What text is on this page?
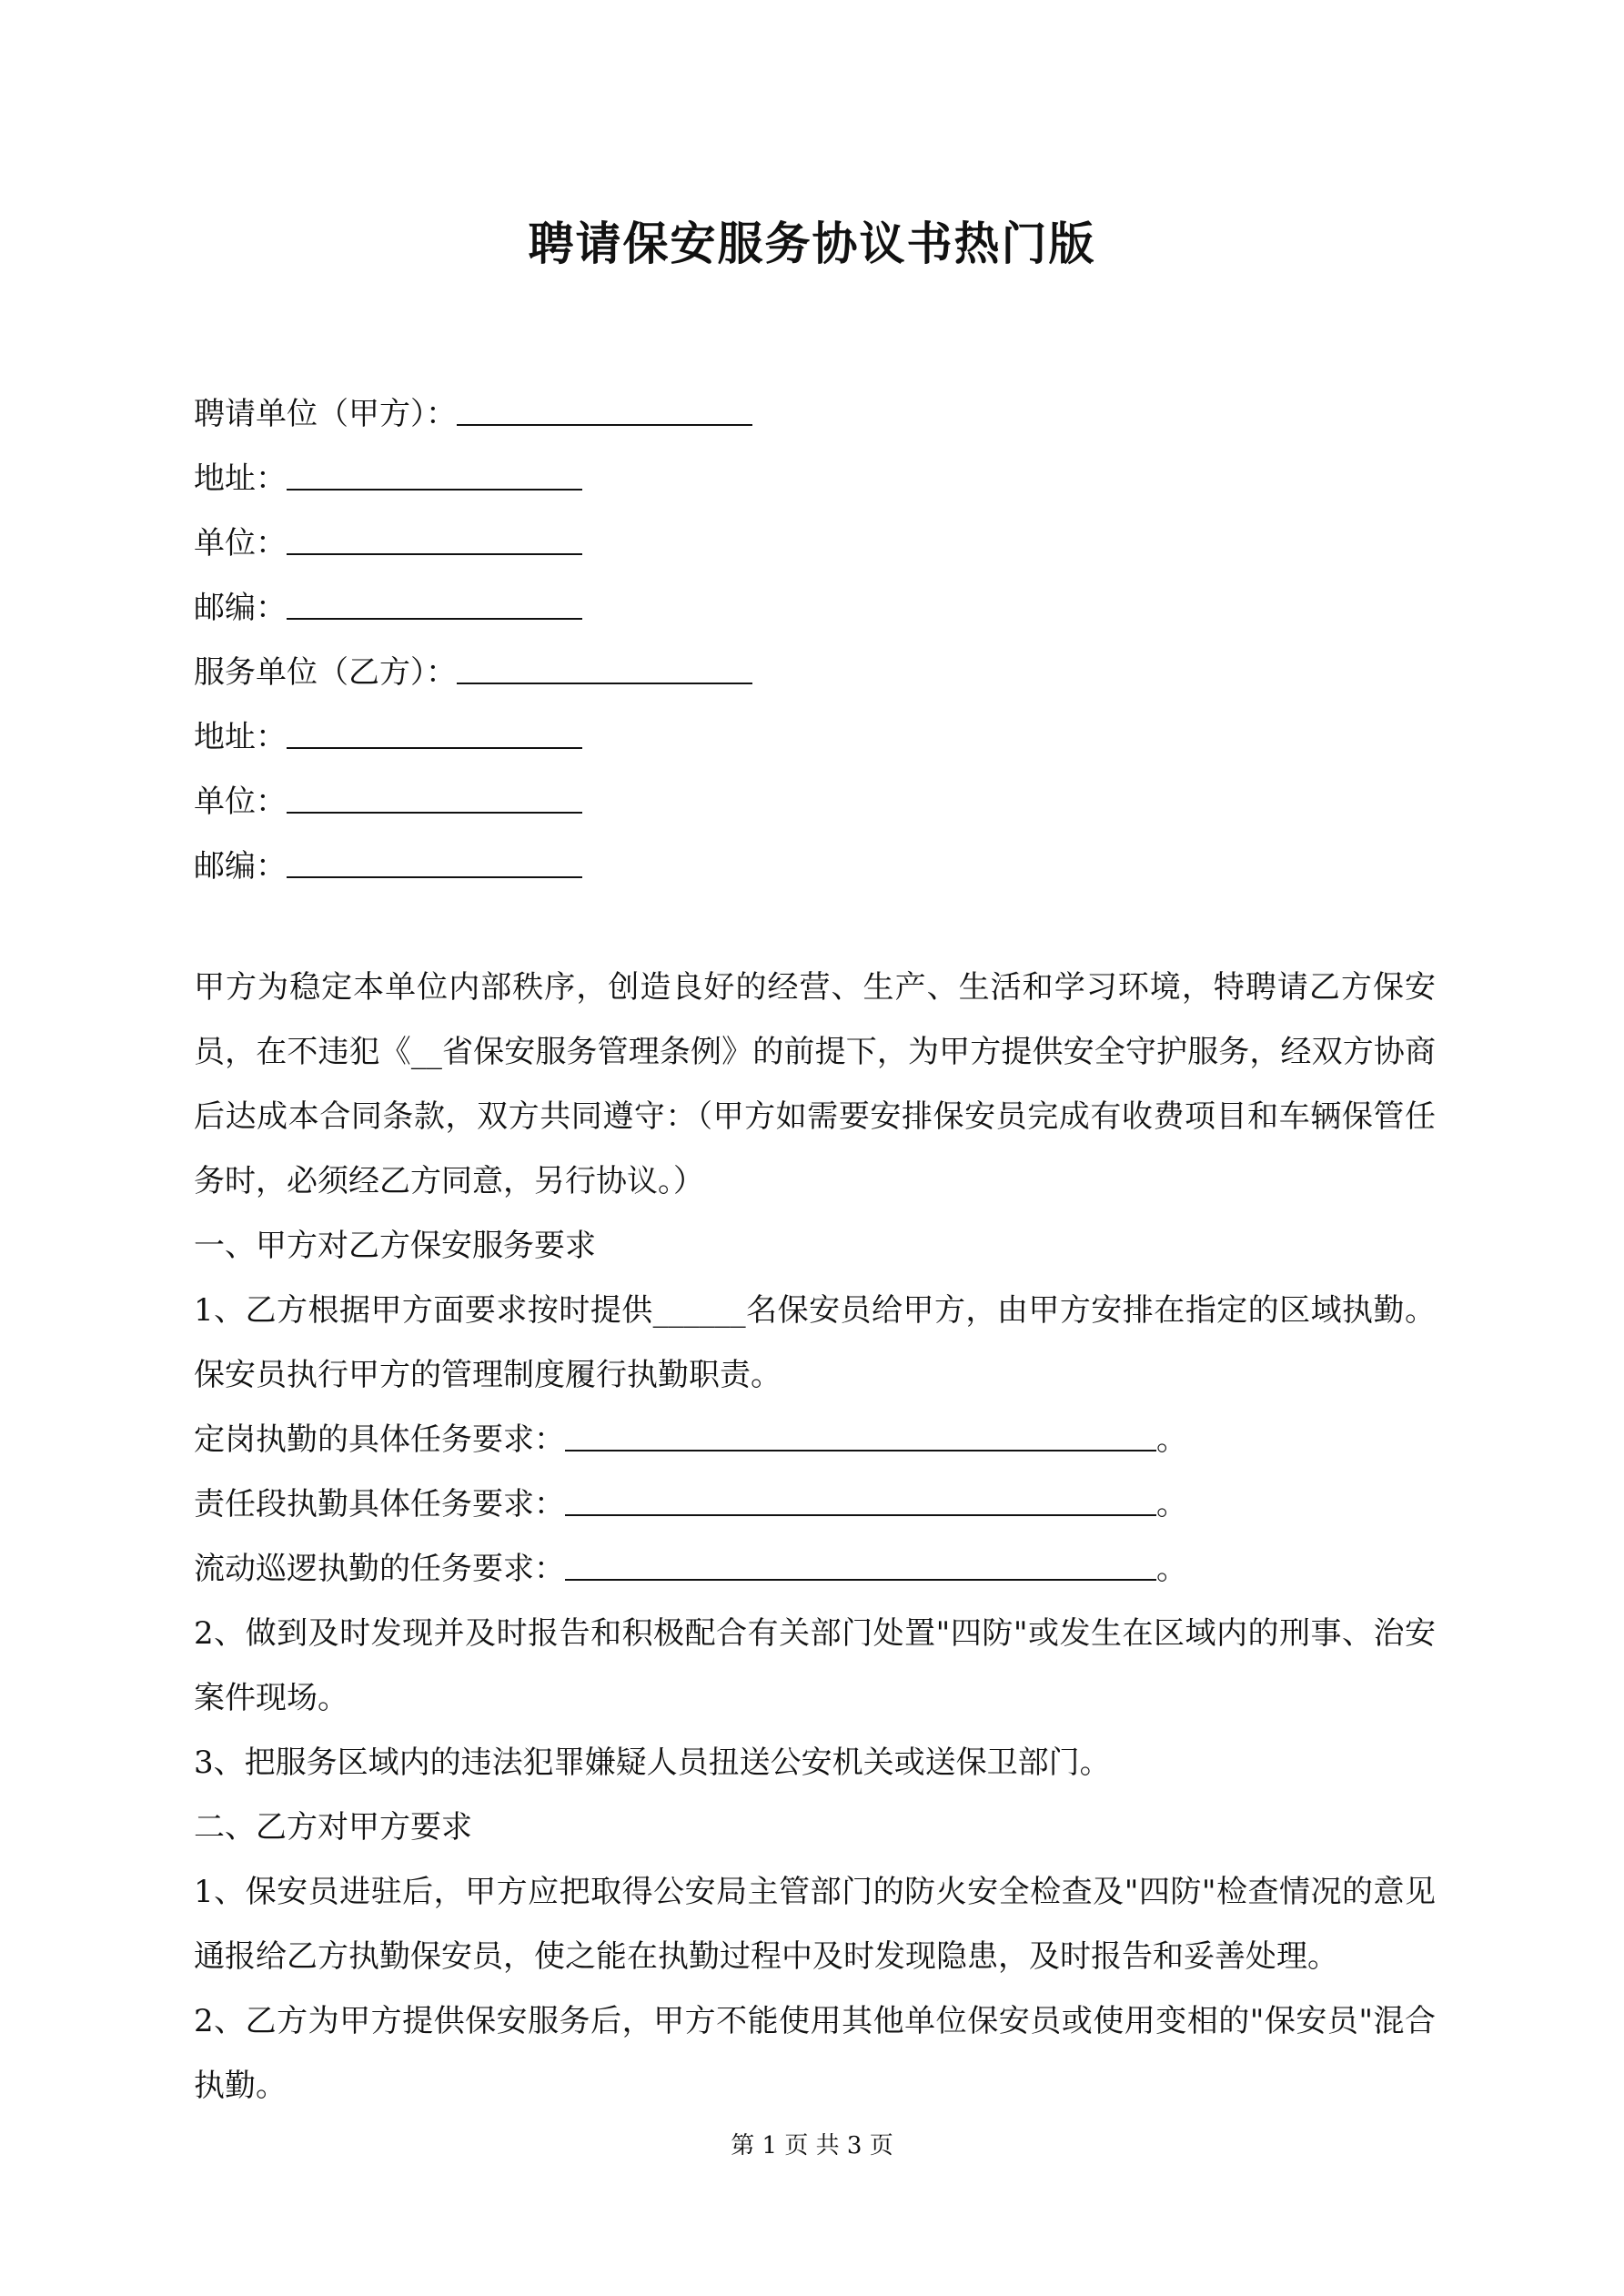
聘请保安服务协议书热门版
聘请单位（甲方）：
地址：
单位：
邮编：
服务单位（乙方）：
地址：
单位：
邮编：

甲方为稳定本单位内部秩序，创造良好的经营、生产、生活和学习环境，特聘请乙方保安员，在不违犯《__省保安服务管理条例》的前提下，为甲方提供安全守护服务，经双方协商后达成本合同条款，双方共同遵守：（甲方如需要安排保安员完成有收费项目和车辆保管任务时，必须经乙方同意，另行协议。）

一、甲方对乙方保安服务要求

1、乙方根据甲方面要求按时提供______名保安员给甲方，由甲方安排在指定的区域执勤。保安员执行甲方的管理制度履行执勤职责。

定岗执勤的具体任务要求：	。

责任段执勤具体任务要求：	。

流动巡逻执勤的任务要求：	。

2、做到及时发现并及时报告和积极配合有关部门处置"四防"或发生在区域内的刑事、治安案件现场。

3、把服务区域内的违法犯罪嫌疑人员扭送公安机关或送保卫部门。

二、乙方对甲方要求

1、保安员进驻后，甲方应把取得公安局主管部门的防火安全检查及"四防"检查情况的意见通报给乙方执勤保安员，使之能在执勤过程中及时发现隐患，及时报告和妥善处理。

2、乙方为甲方提供保安服务后，甲方不能使用其他单位保安员或使用变相的"保安员"混合执勤。

第 1 页 共 3 页
